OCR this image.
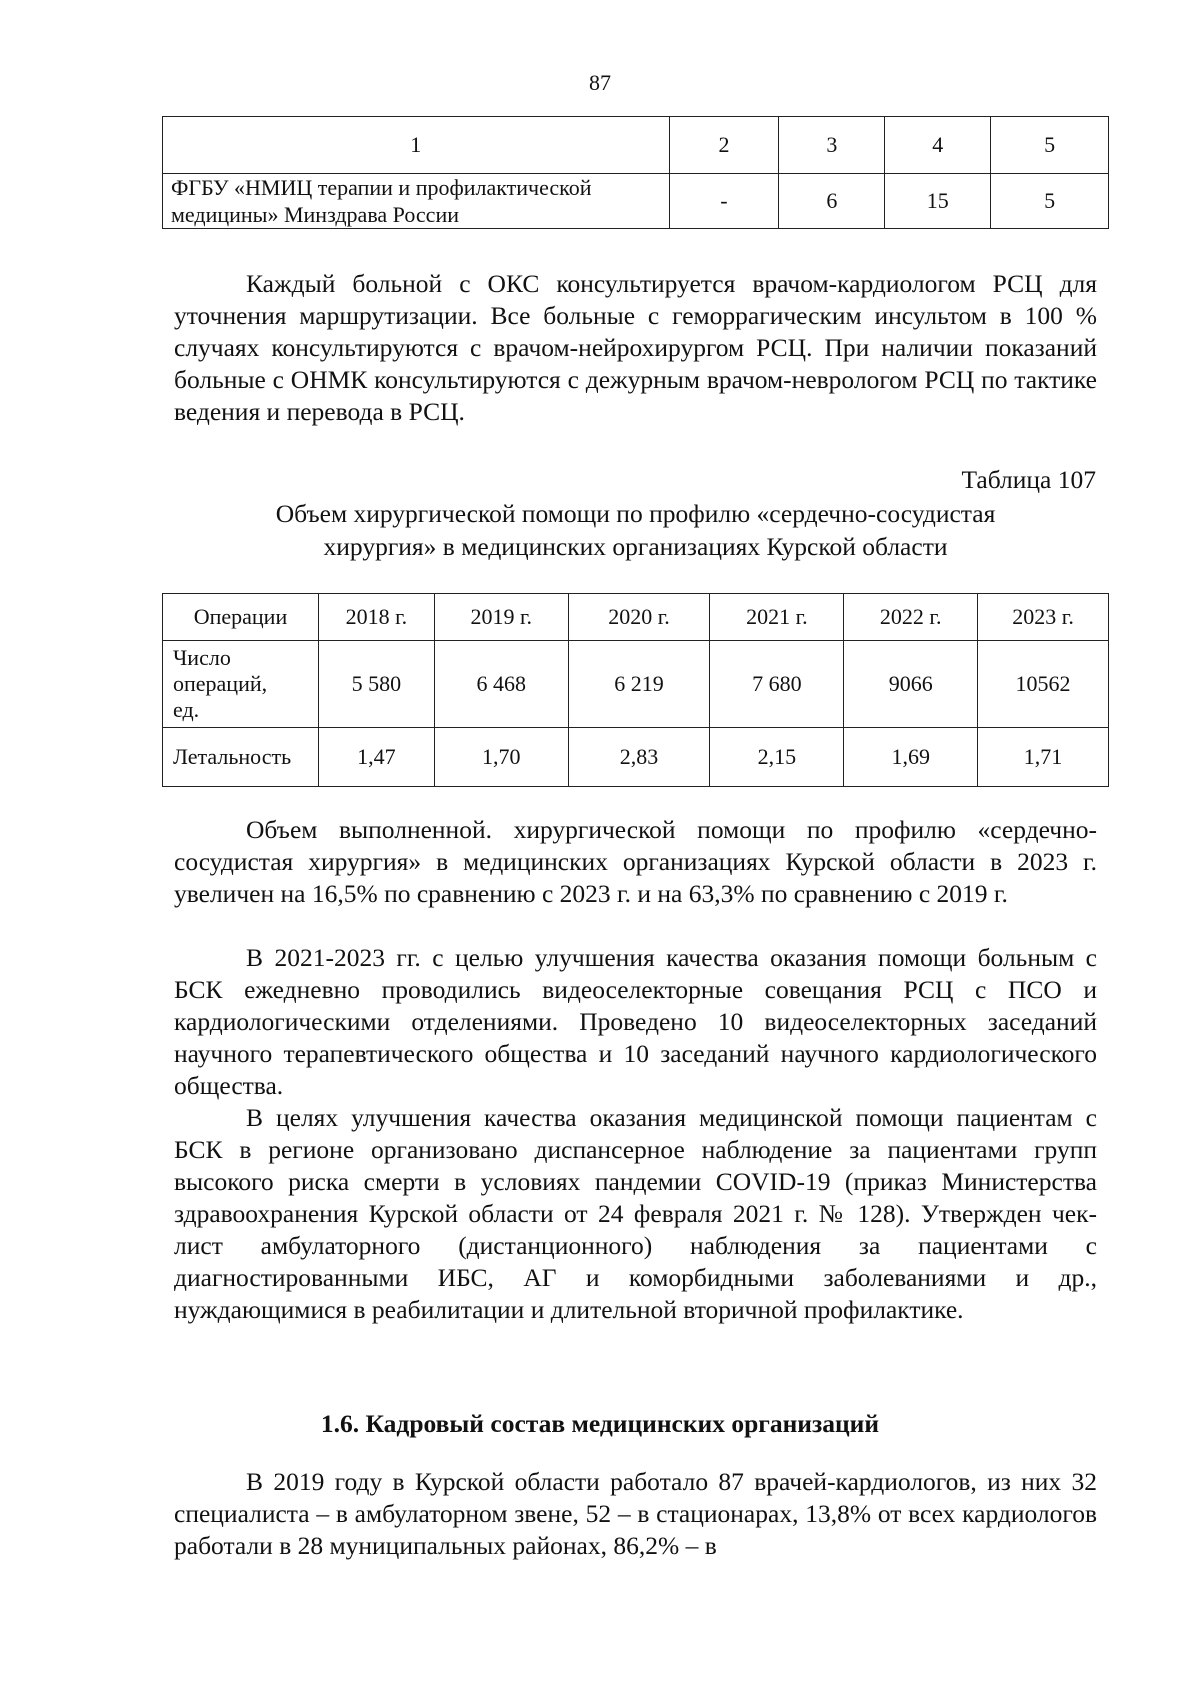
87
1	2	3	4	5
ФГБУ «НМИЦ терапии и профилактической медицины» Минздрава России	-	6	15	5

Каждый больной с ОКС консультируется врачом-кардиологом РСЦ для уточнения маршрутизации. Все больные с геморрагическим инсультом в 100 % случаях консультируются с врачом-нейрохирургом РСЦ. При наличии показаний больные с ОНМК консультируются с дежурным врачом-неврологом РСЦ по тактике ведения и перевода в РСЦ.

Таблица 107
Объем хирургической помощи по профилю «сердечно-сосудистая
хирургия» в медицинских организациях Курской области
Операции	2018 г.	2019 г.	2020 г.	2021 г.	2022 г.	2023 г.

Число
операций,
ед.	5 580	6 468	6 219	7 680	9066	10562
Летальность	1,47	1,70	2,83	2,15	1,69	1,71

Объем выполненной. хирургической помощи по профилю «сердечно-сосудистая хирургия» в медицинских организациях Курской области в 2023 г. увеличен на 16,5% по сравнению с 2023 г. и на 63,3% по сравнению с 2019 г.

В 2021-2023 гг. с целью улучшения качества оказания помощи больным с БСК ежедневно проводились видеоселекторные совещания РСЦ с ПСО и кардиологическими отделениями. Проведено 10 видеоселекторных заседаний научного терапевтического общества и 10 заседаний научного кардиологического общества.

В целях улучшения качества оказания медицинской помощи пациентам с БСК в регионе организовано диспансерное наблюдение за пациентами групп высокого риска смерти в условиях пандемии COVID-19 (приказ Министерства здравоохранения Курской области от 24 февраля 2021 г. № 128). Утвержден чек-лист амбулаторного (дистанционного) наблюдения за пациентами с диагностированными ИБС, АГ и коморбидными заболеваниями и др., нуждающимися в реабилитации и длительной вторичной профилактике.

1.6. Кадровый состав медицинских организаций

В 2019 году в Курской области работало 87 врачей-кардиологов, из них 32 специалиста – в амбулаторном звене, 52 – в стационарах, 13,8% от всех кардиологов работали в 28 муниципальных районах, 86,2% – в
